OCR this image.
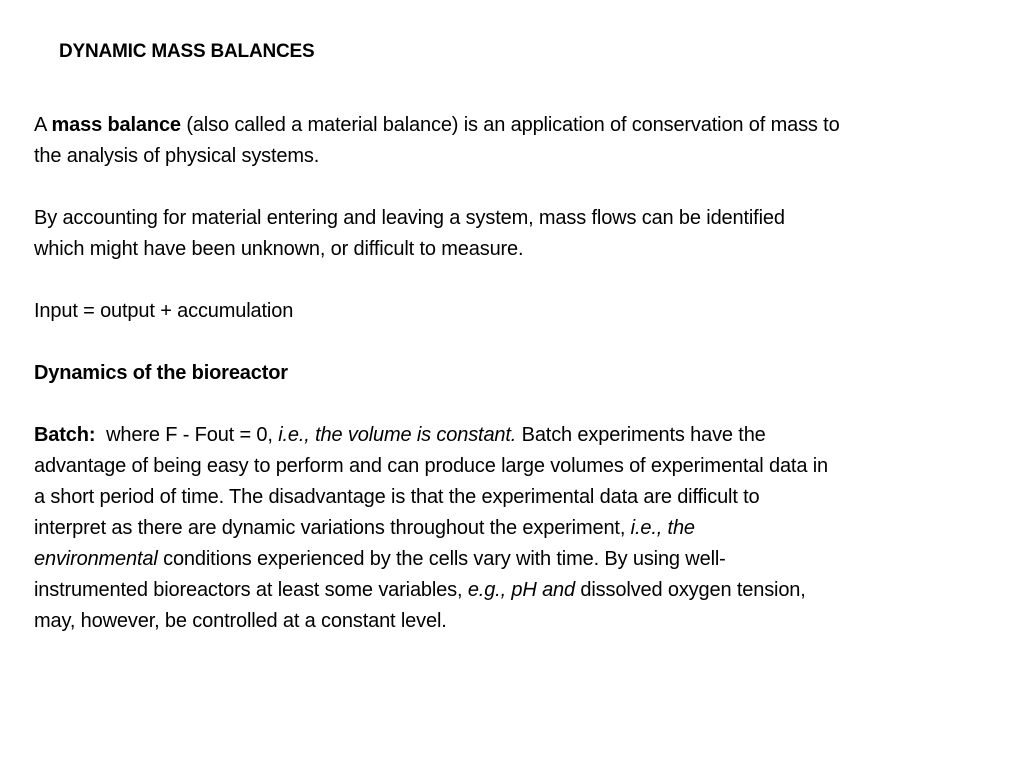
DYNAMIC MASS BALANCES

A mass balance (also called a material balance) is an application of conservation of mass to
the analysis of physical systems.

By accounting for material entering and leaving a system, mass flows can be identified
which might have been unknown, or difficult to measure.

Input = output + accumulation

Dynamics of the bioreactor

Batch:  where F - Fout = 0, i.e., the volume is constant. Batch experiments have the
advantage of being easy to perform and can produce large volumes of experimental data in
a short period of time. The disadvantage is that the experimental data are difficult to
interpret as there are dynamic variations throughout the experiment, i.e., the
environmental conditions experienced by the cells vary with time. By using well-
instrumented bioreactors at least some variables, e.g., pH and dissolved oxygen tension,
may, however, be controlled at a constant level.
